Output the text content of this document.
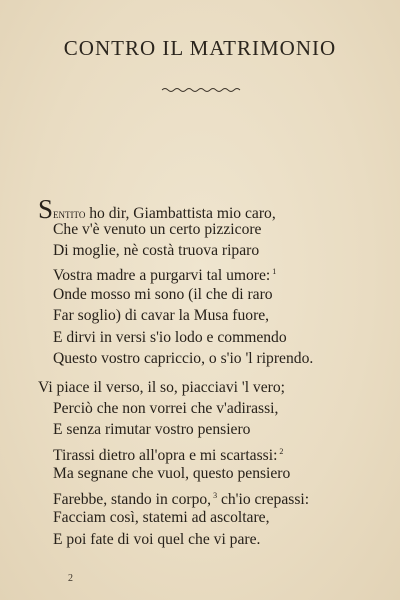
CONTRO IL MATRIMONIO
Sentito ho dir, Giambattista mio caro,
Che v'è venuto un certo pizzicore
Di moglie, nè costà truova riparo
Vostra madre a purgarvi tal umore: $^1$
Onde mosso mi sono (il che di raro
Far soglio) di cavar la Musa fuore,
E dirvi in versi s'io lodo e commendo
Questo vostro capriccio, o s'io 'l riprendo.
Vi piace il verso, il so, piacciavi 'l vero;
Perciò che non vorrei che v'adirassi,
E senza rimutar vostro pensiero
Tirassi dietro all'opra e mi scartassi: $^2$
Ma segnane che vuol, questo pensiero
Farebbe, stando in corpo, $^3$ ch'io crepassi:
Facciam così, statemi ad ascoltare,
E poi fate di voi quel che vi pare.
2
